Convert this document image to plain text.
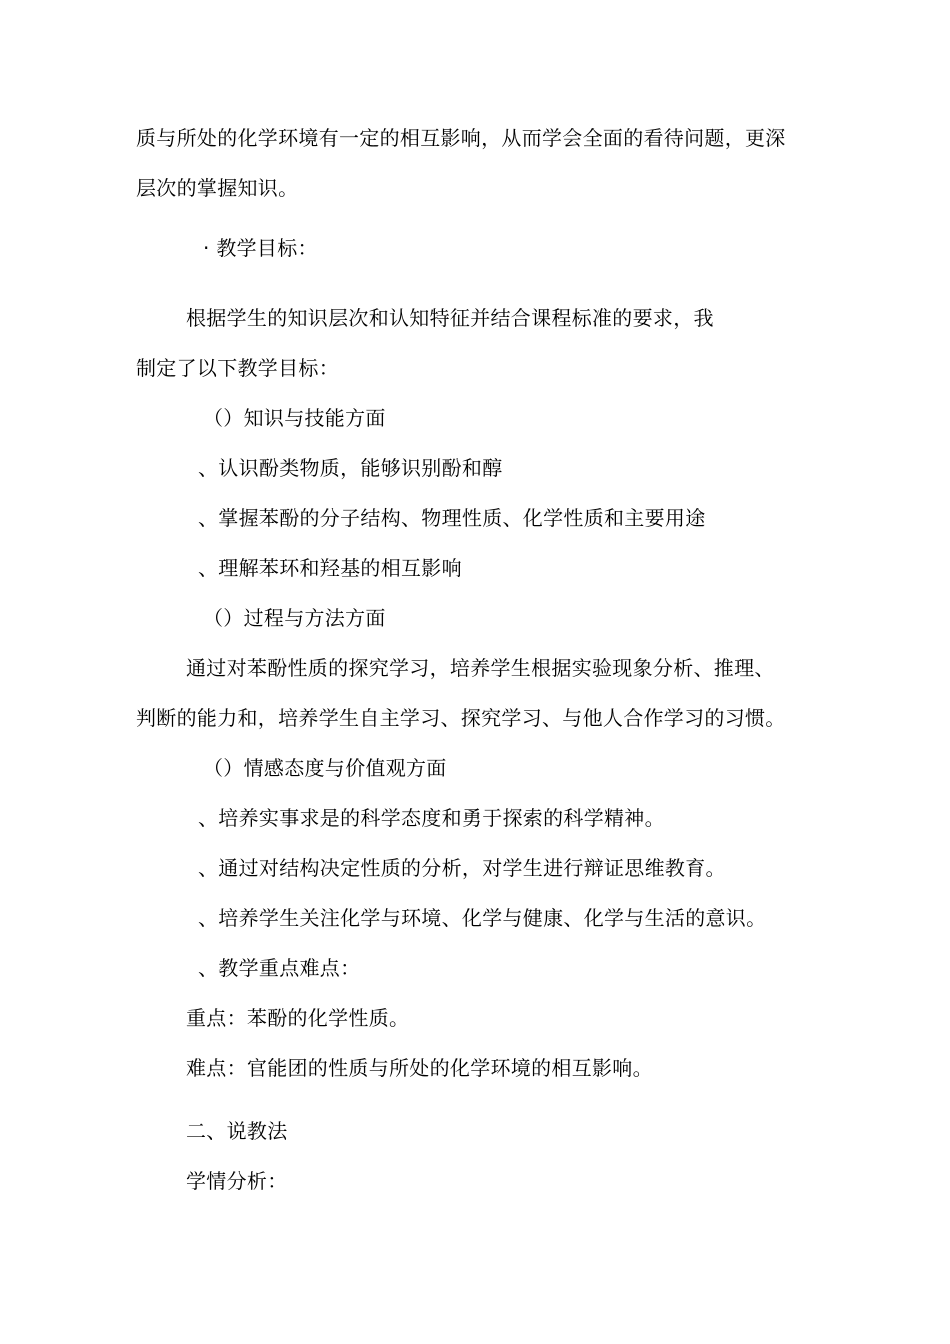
质与所处的化学环境有一定的相互影响，从而学会全面的看待问题，更深
层次的掌握知识。
· 教学目标：
根据学生的知识层次和认知特征并结合课程标准的要求，我
制定了以下教学目标：
（）知识与技能方面
、认识酚类物质，能够识别酚和醇
、掌握苯酚的分子结构、物理性质、化学性质和主要用途
、理解苯环和羟基的相互影响
（）过程与方法方面
通过对苯酚性质的探究学习，培养学生根据实验现象分析、推理、
判断的能力和，培养学生自主学习、探究学习、与他人合作学习的习惯。
（）情感态度与价值观方面
、培养实事求是的科学态度和勇于探索的科学精神。
、通过对结构决定性质的分析，对学生进行辩证思维教育。
、培养学生关注化学与环境、化学与健康、化学与生活的意识。
、教学重点难点：
重点：苯酚的化学性质。
难点：官能团的性质与所处的化学环境的相互影响。
二、说教法
学情分析：
